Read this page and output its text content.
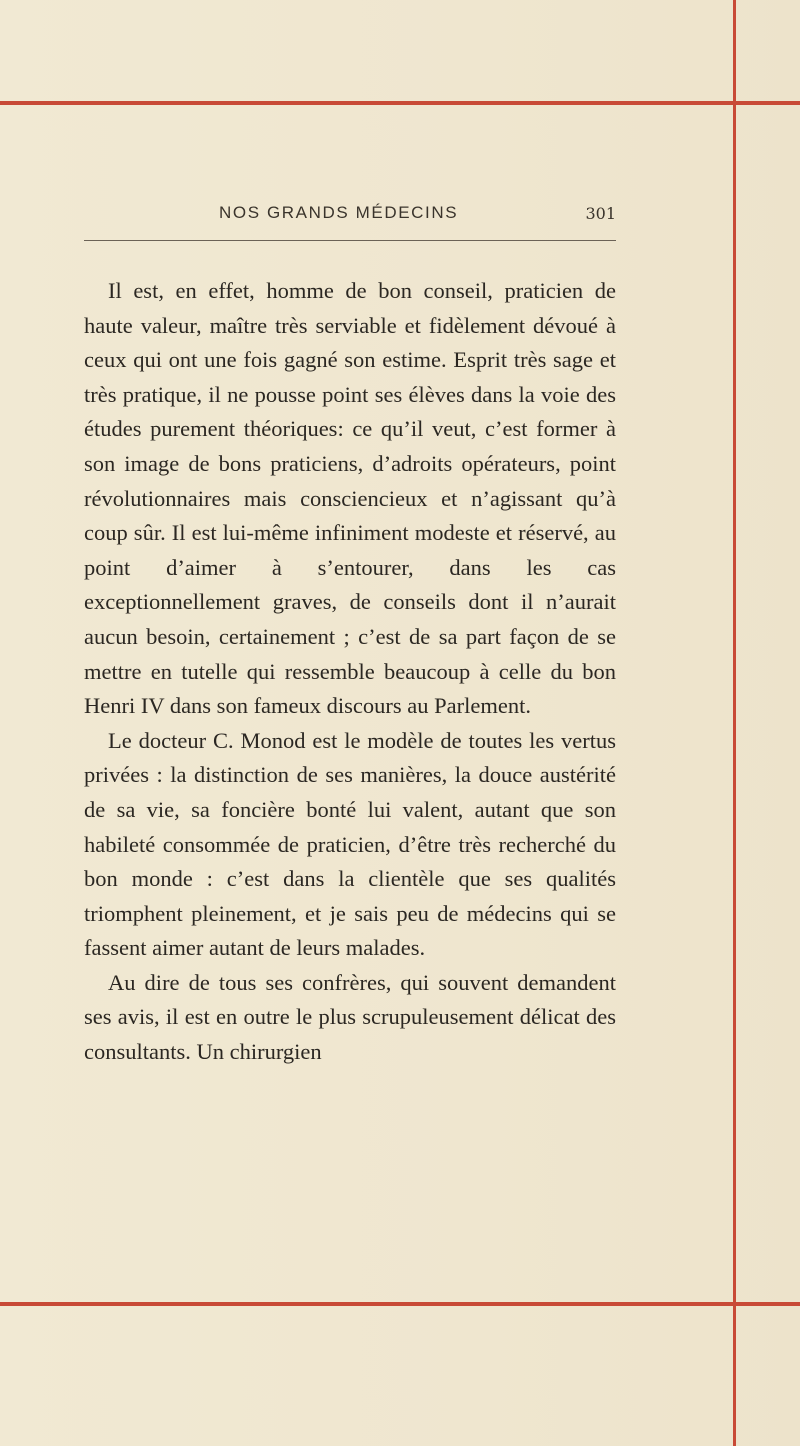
NOS GRANDS MÉDECINS	301

Il est, en effet, homme de bon conseil, praticien de haute valeur, maître très serviable et fidèlement dévoué à ceux qui ont une fois gagné son estime. Esprit très sage et très pratique, il ne pousse point ses élèves dans la voie des études purement théoriques: ce qu’il veut, c’est former à son image de bons praticiens, d’adroits opérateurs, point révolutionnaires mais consciencieux et n’agissant qu’à coup sûr. Il est lui-même infiniment modeste et réservé, au point d’aimer à s’entourer, dans les cas exceptionnellement graves, de conseils dont il n’aurait aucun besoin, certainement ; c’est de sa part façon de se mettre en tutelle qui ressemble beaucoup à celle du bon Henri IV dans son fameux discours au Parlement.

Le docteur C. Monod est le modèle de toutes les vertus privées : la distinction de ses manières, la douce austérité de sa vie, sa foncière bonté lui valent, autant que son habileté consommée de praticien, d’être très recherché du bon monde : c’est dans la clientèle que ses qualités triomphent pleinement, et je sais peu de médecins qui se fassent aimer autant de leurs malades.

Au dire de tous ses confrères, qui souvent demandent ses avis, il est en outre le plus scrupuleusement délicat des consultants. Un chirurgien
